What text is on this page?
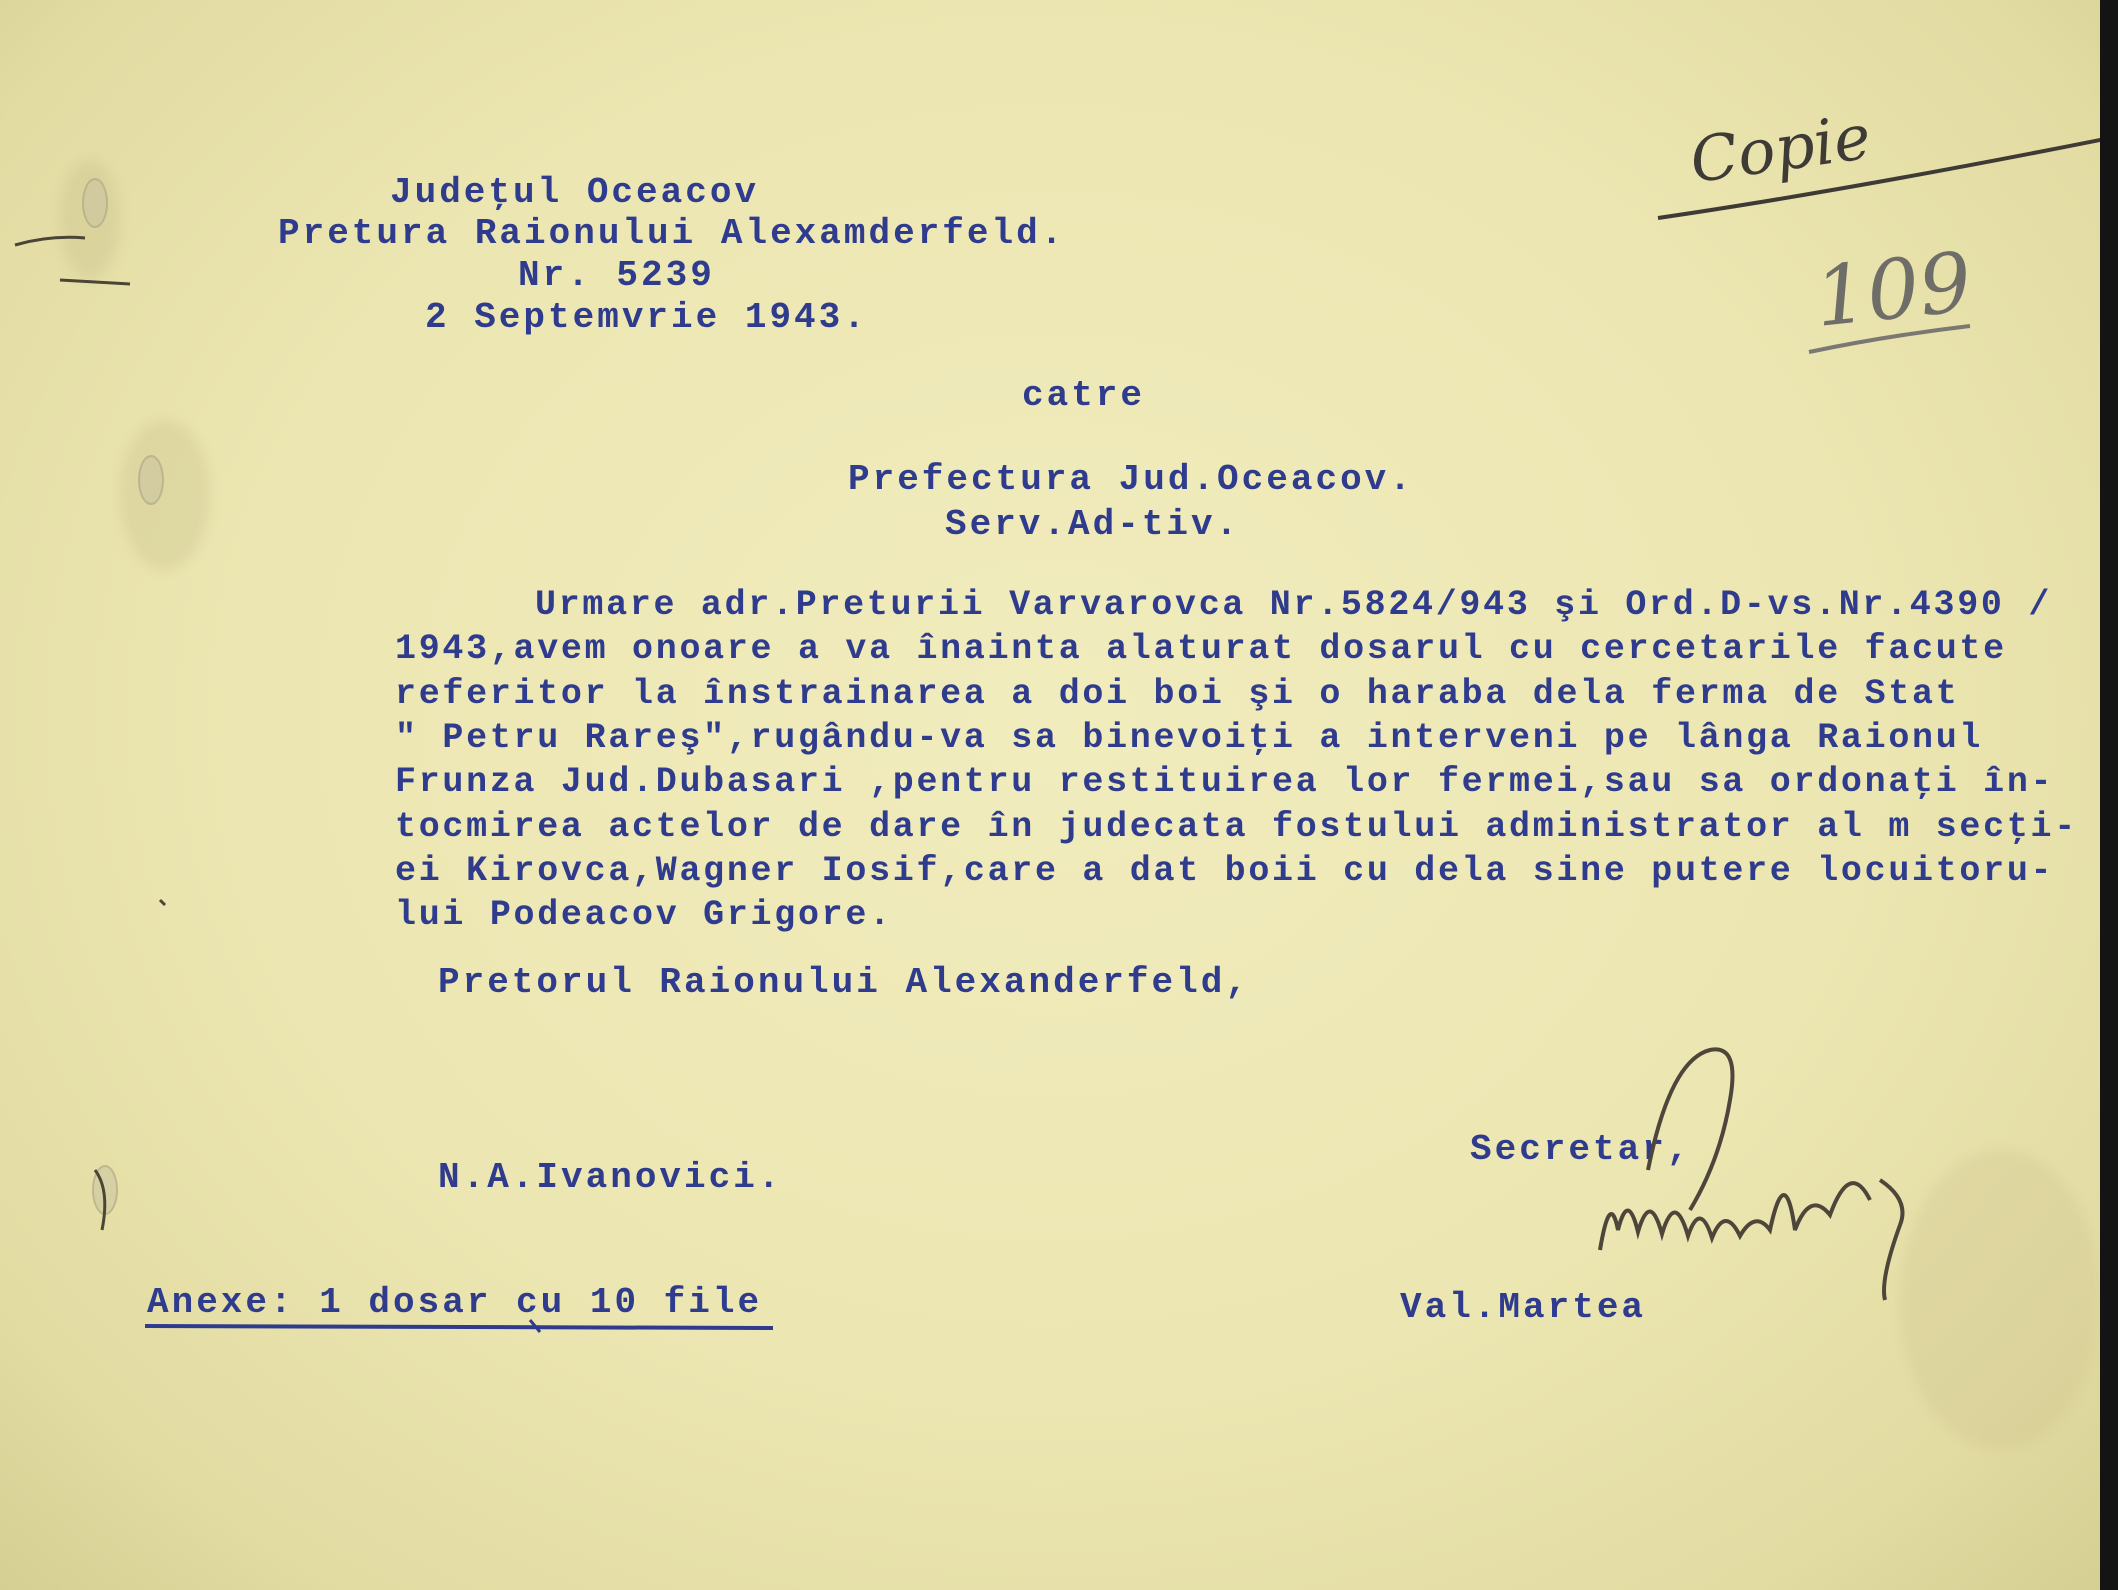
Judeţul Oceacov
Pretura Raionului Alexamderfeld.
Nr. 5239
2 Septemvrie 1943.
Copie
109
catre
Prefectura Jud.Oceacov.
Serv.Ad-tiv.
Urmare adr.Preturii Varvarovca Nr.5824/943 şi Ord.D-vs.Nr.4390 /
1943,avem onoare a va înainta alaturat dosarul cu cercetarile facute
referitor la înstrainarea a doi boi şi o haraba dela ferma de Stat
" Petru Rareş",rugându-va sa binevoiţi a interveni pe lânga Raionul
Frunza Jud.Dubasari ,pentru restituirea lor fermei,sau sa ordonaţi în-
tocmirea actelor de dare în judecata fostului administrator al m secţi-
ei Kirovca,Wagner Iosif,care a dat boii cu dela sine putere locuitoru-
lui Podeacov Grigore.
Pretorul Raionului Alexanderfeld,
N.A.Ivanovici.
Secretar,
Val.Martea
Anexe: 1 dosar cu 10 file
